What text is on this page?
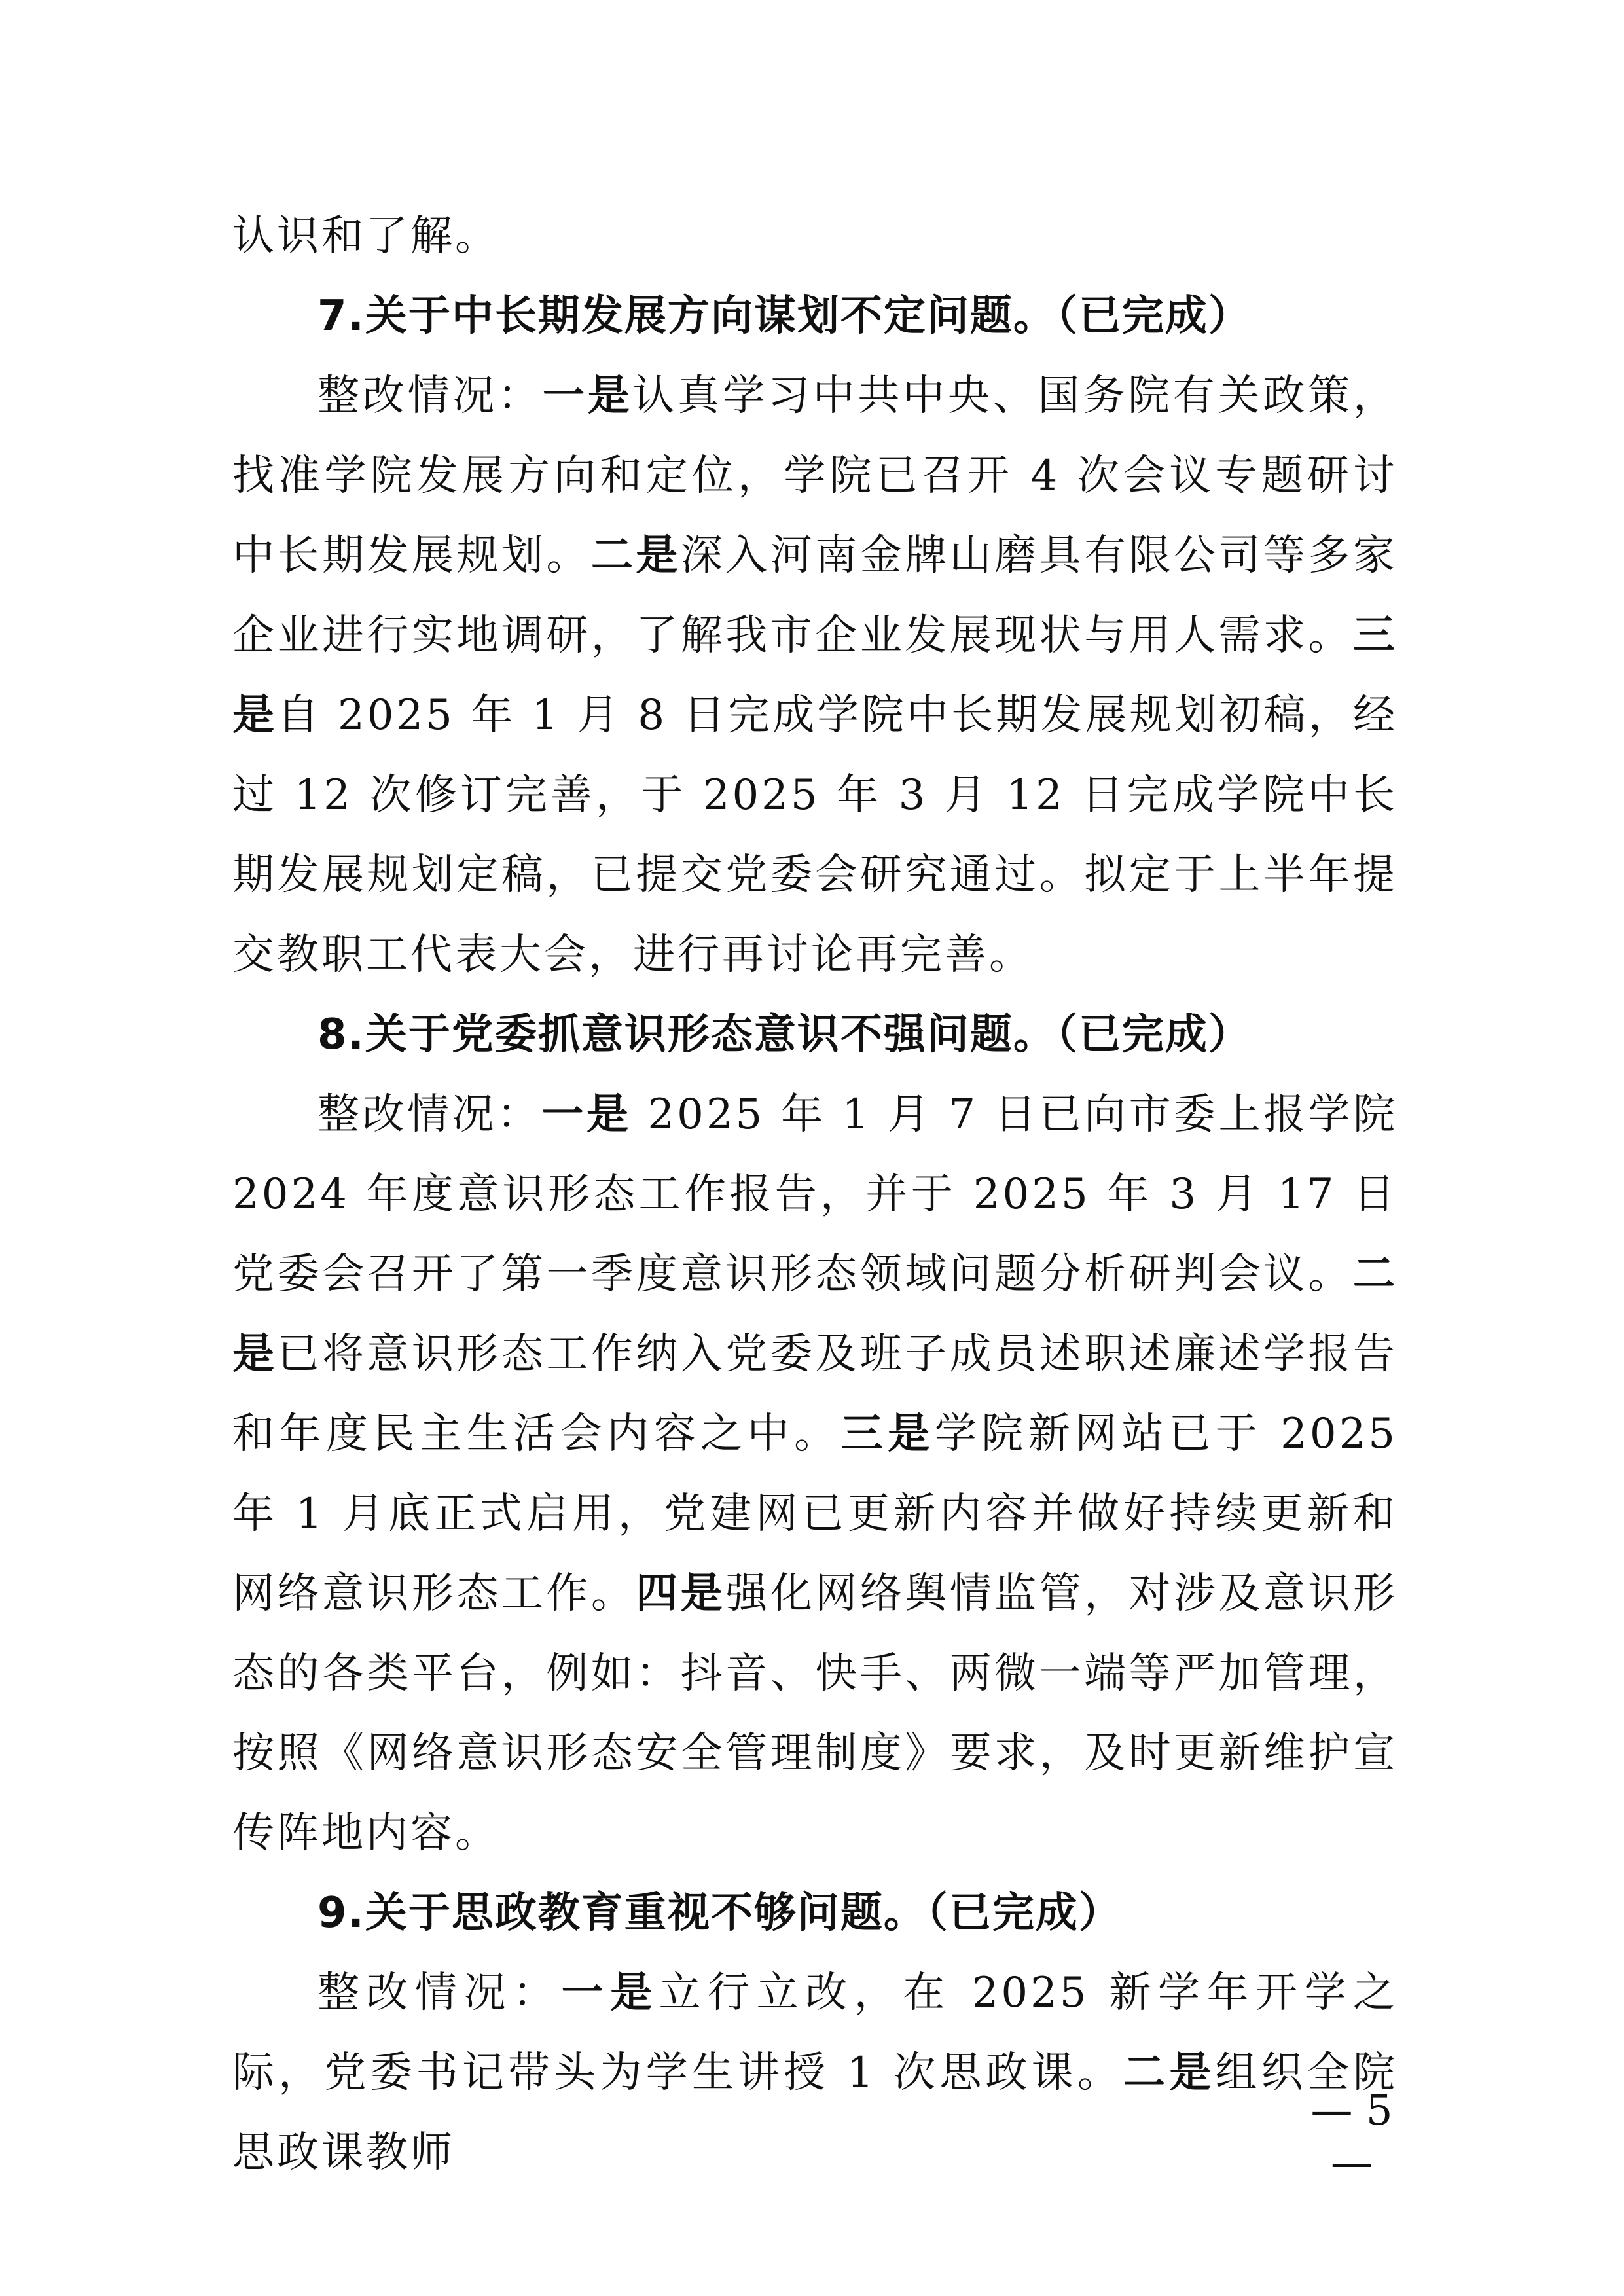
认识和了解。

7.关于中长期发展方向谋划不定问题。（已完成）

整改情况：一是认真学习中共中央、国务院有关政策，找准学院发展方向和定位，学院已召开 4 次会议专题研讨中长期发展规划。二是深入河南金牌山磨具有限公司等多家企业进行实地调研，了解我市企业发展现状与用人需求。三是自 2025 年 1 月 8 日完成学院中长期发展规划初稿，经过 12 次修订完善，于 2025 年 3 月 12 日完成学院中长期发展规划定稿，已提交党委会研究通过。拟定于上半年提交教职工代表大会，进行再讨论再完善。

8.关于党委抓意识形态意识不强问题。（已完成）

整改情况：一是 2025 年 1 月 7 日已向市委上报学院 2024 年度意识形态工作报告，并于 2025 年 3 月 17 日党委会召开了第一季度意识形态领域问题分析研判会议。二是已将意识形态工作纳入党委及班子成员述职述廉述学报告和年度民主生活会内容之中。三是学院新网站已于 2025 年 1 月底正式启用，党建网已更新内容并做好持续更新和网络意识形态工作。四是强化网络舆情监管，对涉及意识形态的各类平台，例如：抖音、快手、两微一端等严加管理，按照《网络意识形态安全管理制度》要求，及时更新维护宣传阵地内容。

9.关于思政教育重视不够问题。（已完成）

整改情况：一是立行立改，在 2025 新学年开学之际，党委书记带头为学生讲授 1 次思政课。二是组织全院思政课教师

— 5 —
